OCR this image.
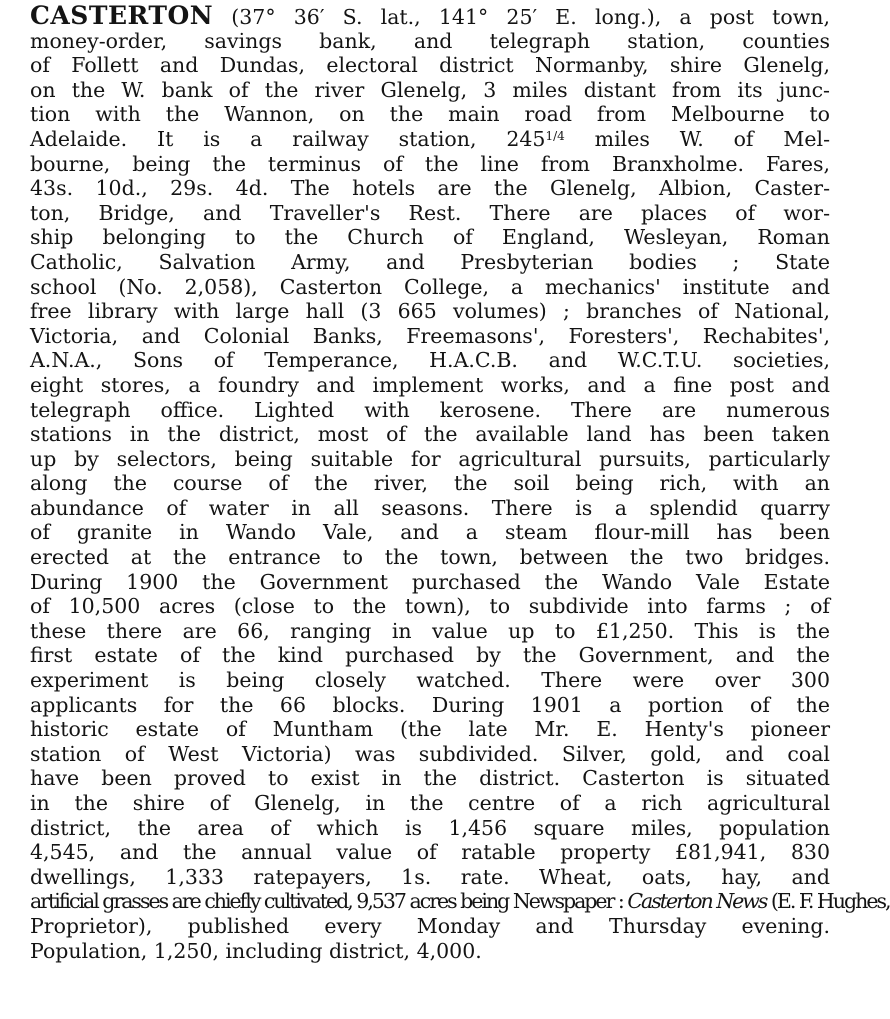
CASTERTON (37° 36′ S. lat., 141° 25′ E. long.), a post town,
money-order, savings bank, and telegraph station, counties
of Follett and Dundas, electoral district Normanby, shire Glenelg,
on the W. bank of the river Glenelg, 3 miles distant from its junc-
tion with the Wannon, on the main road from Melbourne to
Adelaide. It is a railway station, $245^{1/4}$ miles W. of Mel-
bourne, being the terminus of the line from Branxholme. Fares,
43s. 10d., 29s. 4d. The hotels are the Glenelg, Albion, Caster-
ton, Bridge, and Traveller's Rest. There are places of wor-
ship belonging to the Church of England, Wesleyan, Roman
Catholic, Salvation Army, and Presbyterian bodies ; State
school (No. 2,058), Casterton College, a mechanics' institute and
free library with large hall (3 665 volumes) ; branches of National,
Victoria, and Colonial Banks, Freemasons', Foresters', Rechabites',
A.N.A., Sons of Temperance, H.A.C.B. and W.C.T.U. societies,
eight stores, a foundry and implement works, and a fine post and
telegraph office. Lighted with kerosene. There are numerous
stations in the district, most of the available land has been taken
up by selectors, being suitable for agricultural pursuits, particularly
along the course of the river, the soil being rich, with an
abundance of water in all seasons. There is a splendid quarry
of granite in Wando Vale, and a steam flour-mill has been
erected at the entrance to the town, between the two bridges.
During 1900 the Government purchased the Wando Vale Estate
of 10,500 acres (close to the town), to subdivide into farms ; of
these there are 66, ranging in value up to £1,250. This is the
first estate of the kind purchased by the Government, and the
experiment is being closely watched. There were over 300
applicants for the 66 blocks. During 1901 a portion of the
historic estate of Muntham (the late Mr. E. Henty's pioneer
station of West Victoria) was subdivided. Silver, gold, and coal
have been proved to exist in the district. Casterton is situated
in the shire of Glenelg, in the centre of a rich agricultural
district, the area of which is 1,456 square miles, population
4,545, and the annual value of ratable property £81,941, 830
dwellings, 1,333 ratepayers, 1s. rate. Wheat, oats, hay, and
artificial grasses are chiefly cultivated, 9,537 acres being Newspaper : Casterton News (E. F. Hughes,
Proprietor), published every Monday and Thursday evening.
Population, 1,250, including district, 4,000.
